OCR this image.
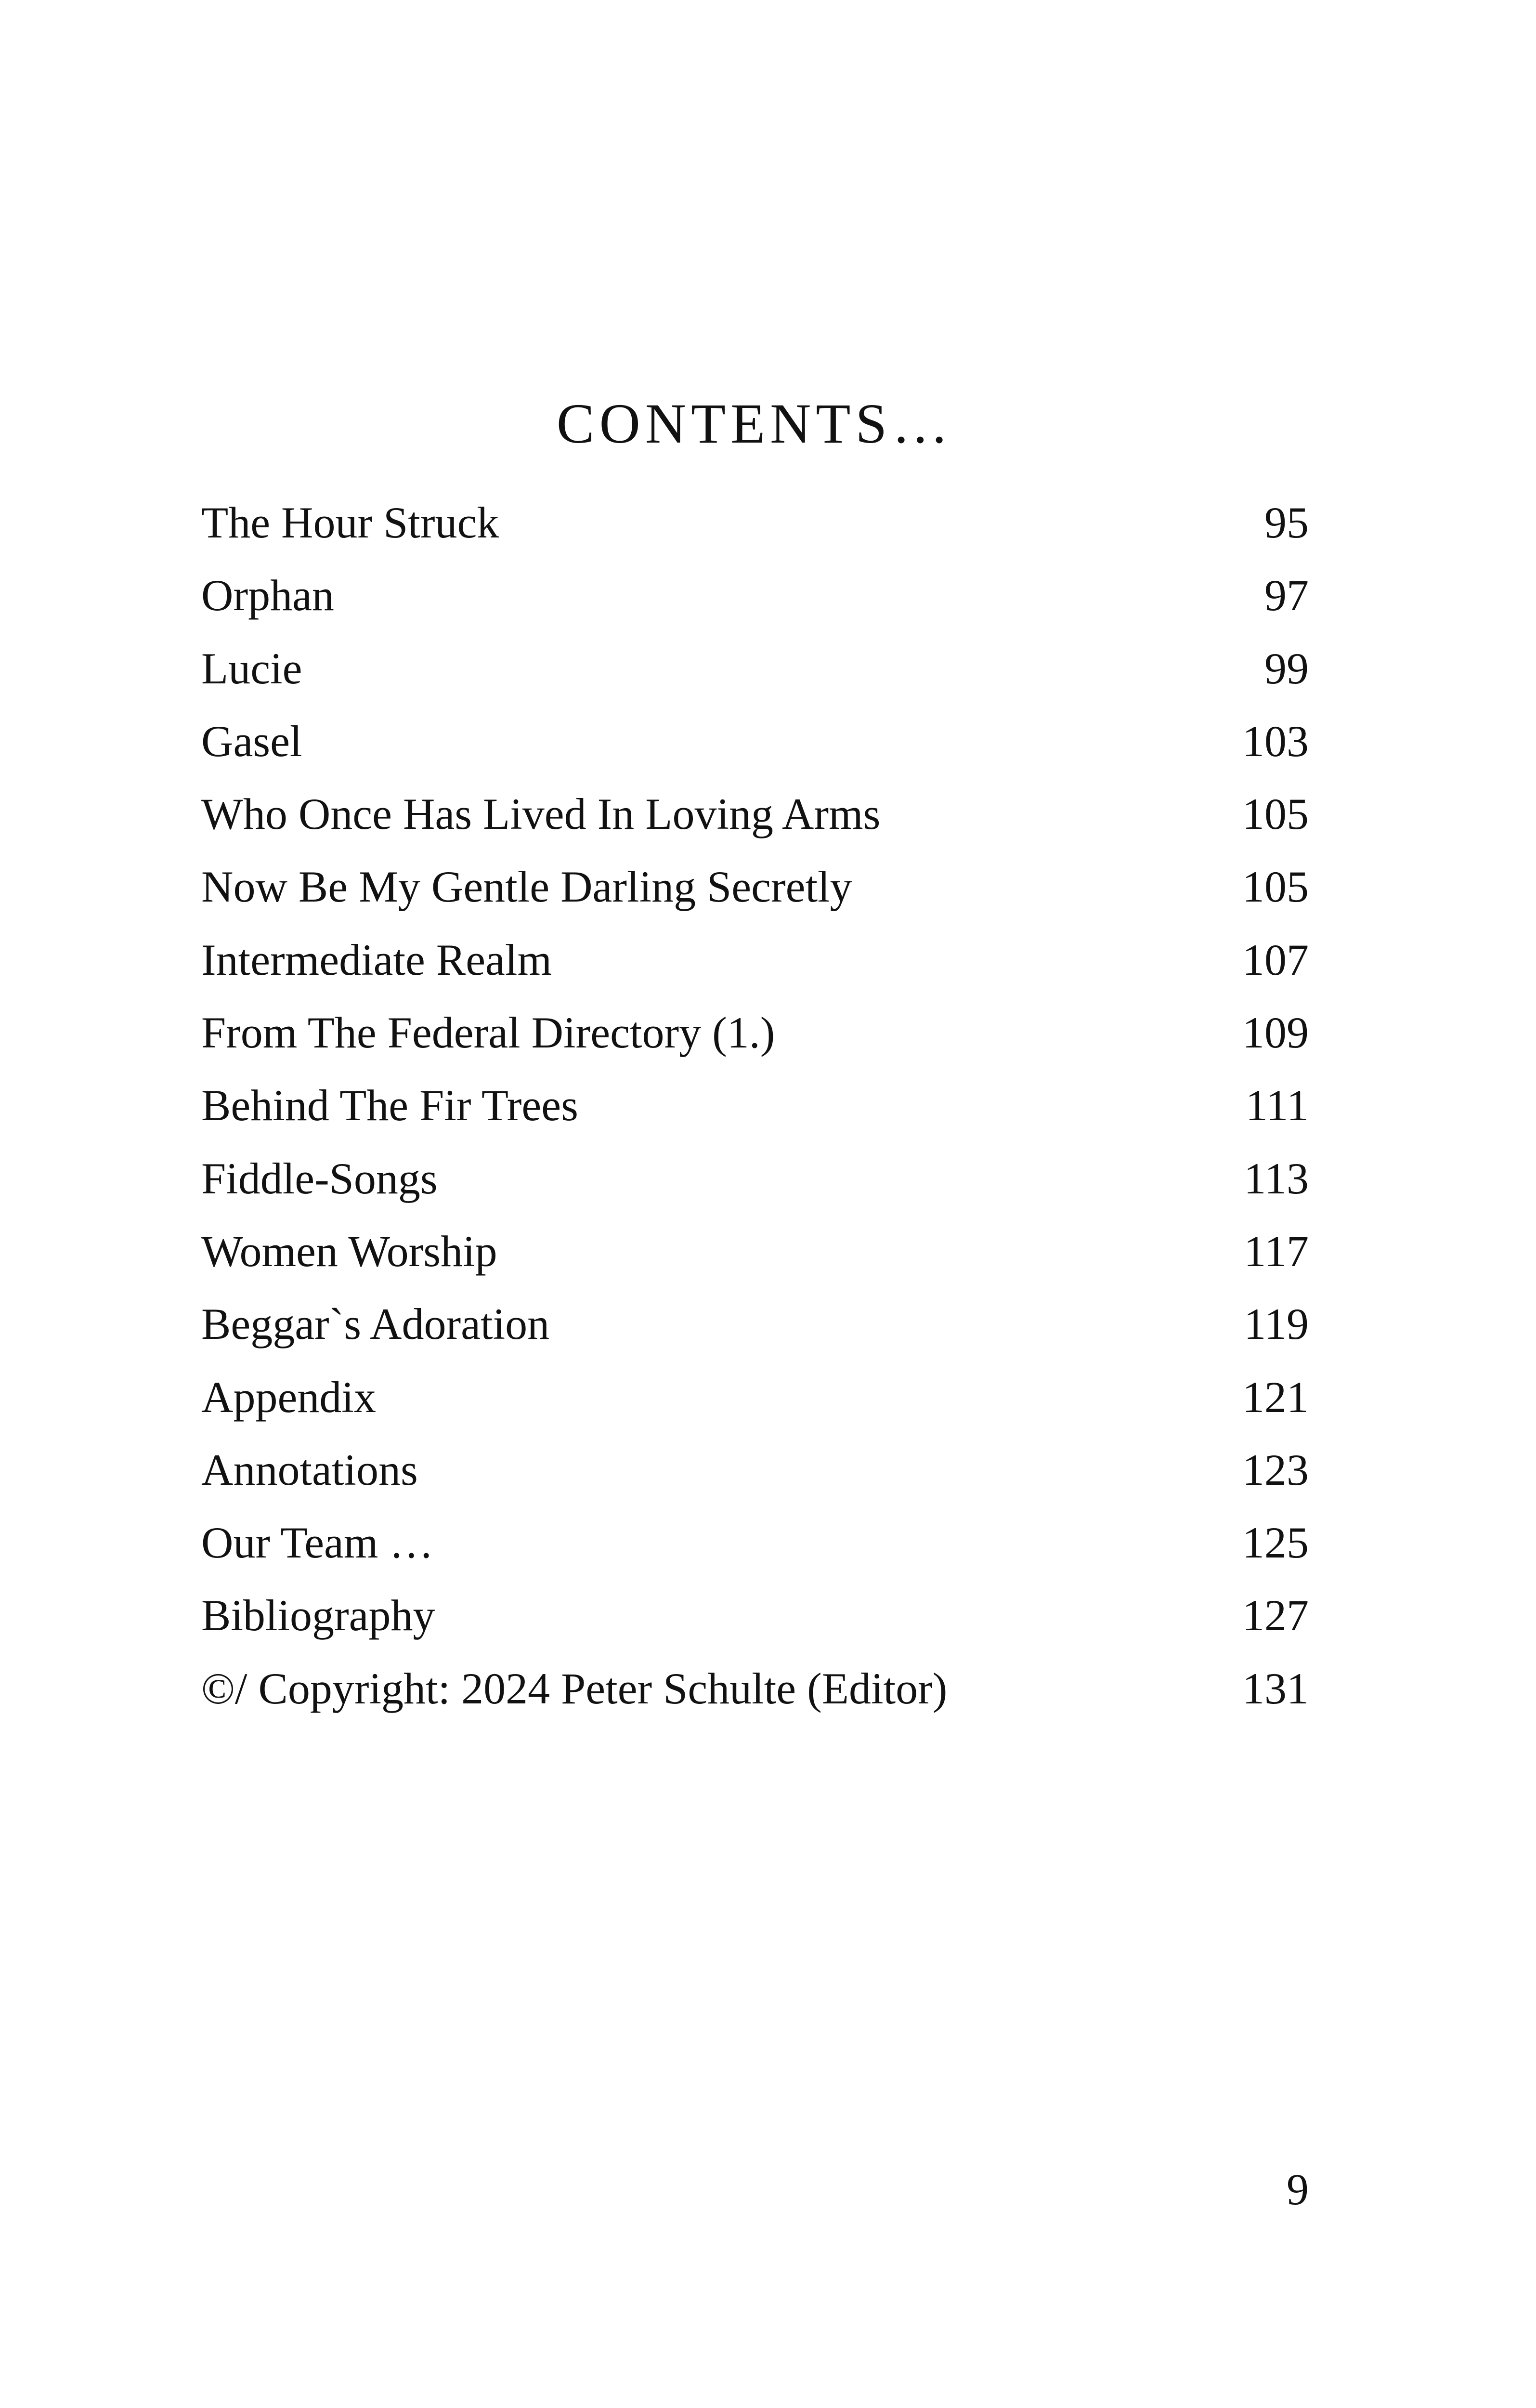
CONTENTS…
The Hour Struck	95
Orphan	97
Lucie	99
Gasel	103
Who Once Has Lived In Loving Arms	105
Now Be My Gentle Darling Secretly	105
Intermediate Realm	107
From The Federal Directory (1.)	109
Behind The Fir Trees	111
Fiddle-Songs	113
Women Worship	117
Beggar`s Adoration	119
Appendix	121
Annotations	123
Our Team …	125
Bibliography	127
©/ Copyright: 2024 Peter Schulte (Editor)	131
9
